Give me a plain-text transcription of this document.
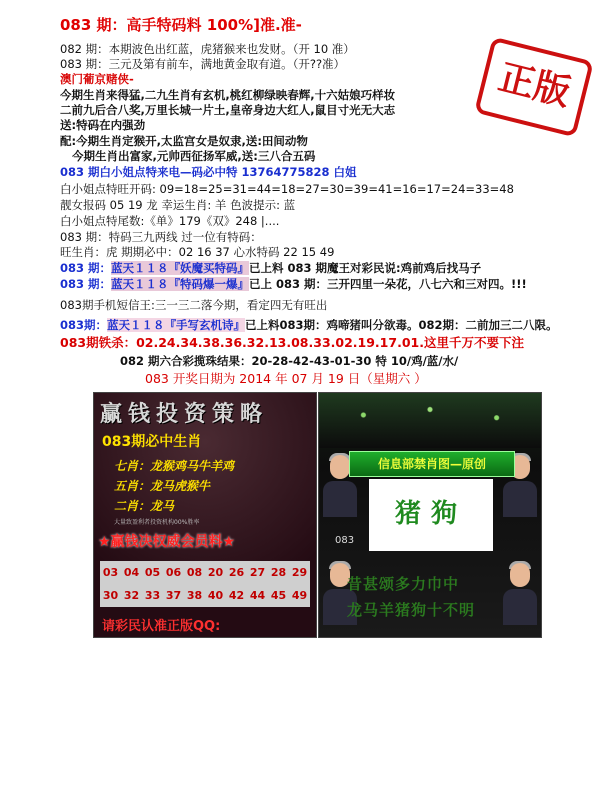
083 期：高手特码料 100%]准.准-
正版
082 期：本期波色出红蓝，虎猪猴来也发财。（开 10 准）
083 期：三元及第有前车，满地黄金取有道。（开??准）
澳门葡京赌侠-
今期生肖来得猛,二九生肖有玄机,桃红柳绿映春辉,十六姑娘巧样妆
二前九后合八奖,万里长城一片土,皇帝身边大红人,鼠目寸光无大志
送:特码在内强劲
配:今期生肖定猴开,太监宫女是奴隶,送:田间动物
今期生肖出富家,元帅西征扬军威,送:三八合五码
083 期白小姐点特来电—码必中特 13764775828 白姐
白小姐点特旺开码: 09=18=25=31=44=18=27=30=39=41=16=17=24=33=48
靓女报码 05 19 龙 幸运生肖: 羊 色波提示: 蓝
白小姐点特尾数:《单》179《双》248 |....
083 期：特码三九两线 过一位有特码：
旺生肖：虎 期期必中：02 16 37 心水特码 22 15 49
083 期：蓝天１１８『妖魔买特码』已上料 083 期魔王对彩民说:鸡前鸡后找马子
083 期：蓝天１１８『特码爆一爆』已上 083 期：三开四里一朵花，八七六和三对四。!!!
083期手机短信王:三一三二落今期，看定四无有旺出
083期：蓝天１１８『手写玄机诗』已上料083期：鸡啼猪叫分欲毒。082期：二前加三二八限。
083期铁杀：02.24.34.38.36.32.13.08.33.02.19.17.01.这里千万不要下注
082 期六合彩揽珠结果：20-28-42-43-01-30 特 10/鸡/蓝/水/
083 开奖日期为 2014 年 07 月 19 日（星期六 ）
赢钱投资策略
083期必中生肖
七肖：龙猴鸡马牛羊鸡
五肖：龙马虎猴牛
二肖：龙马
大量致盈利者投资机构00%胜率
★赢钱决权威会员料★
03 04 05 06 08 20 26 27 28 29
30 32 33 37 38 40 42 44 45 49
请彩民认准正版QQ:
信息部禁肖图—原创
猪狗
083
昔甚颂多力巾中
龙马羊猪狗十不明
